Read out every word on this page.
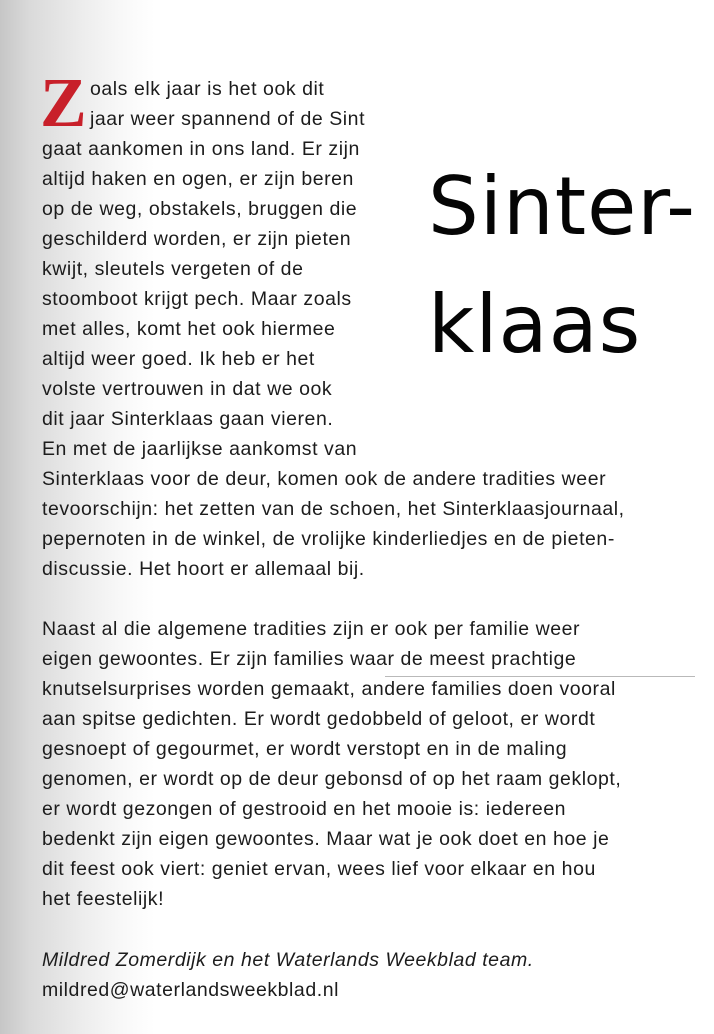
Z
Sinter-
klaas
oals elk jaar is het ook dit
jaar weer spannend of de Sint
gaat aankomen in ons land. Er zijn
altijd haken en ogen, er zijn beren
op de weg, obstakels, bruggen die
geschilderd worden, er zijn pieten
kwijt, sleutels vergeten of de
stoomboot krijgt pech. Maar zoals
met alles, komt het ook hiermee
altijd weer goed. Ik heb er het
volste vertrouwen in dat we ook
dit jaar Sinterklaas gaan vieren.
En met de jaarlijkse aankomst van
Sinterklaas voor de deur, komen ook de andere tradities weer
tevoorschijn: het zetten van de schoen, het Sinterklaasjournaal,
pepernoten in de winkel, de vrolijke kinderliedjes en de pieten-
discussie. Het hoort er allemaal bij.
Naast al die algemene tradities zijn er ook per familie weer
eigen gewoontes. Er zijn families waar de meest prachtige
knutselsurprises worden gemaakt, andere families doen vooral
aan spitse gedichten. Er wordt gedobbeld of geloot, er wordt
gesnoept of gegourmet, er wordt verstopt en in de maling
genomen, er wordt op de deur gebonsd of op het raam geklopt,
er wordt gezongen of gestrooid en het mooie is: iedereen
bedenkt zijn eigen gewoontes. Maar wat je ook doet en hoe je
dit feest ook viert: geniet ervan, wees lief voor elkaar en hou
het feestelijk!
Mildred Zomerdijk en het Waterlands Weekblad team.
mildred@waterlandsweekblad.nl
